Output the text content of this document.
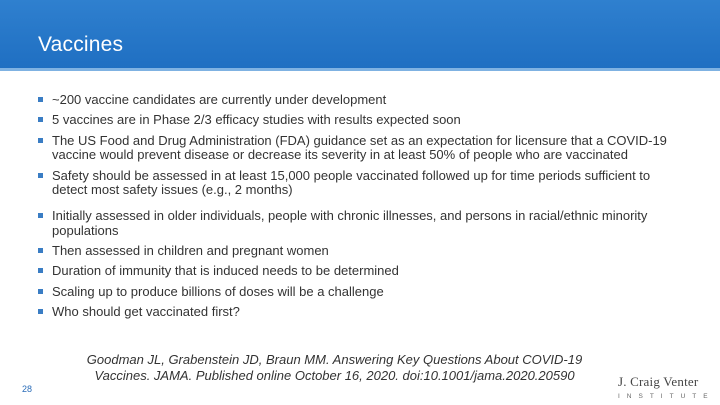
Vaccines
~200 vaccine candidates are currently under development
5 vaccines are in Phase 2/3 efficacy studies with results expected soon
The US Food and Drug Administration (FDA) guidance set as an expectation for licensure that a COVID-19 vaccine would prevent disease or decrease its severity in at least 50% of people who are vaccinated
Safety should be assessed in at least 15,000 people vaccinated followed up for time periods sufficient to detect most safety issues (e.g., 2 months)
Initially assessed in older individuals, people with chronic illnesses, and persons in racial/ethnic minority populations
Then assessed in children and pregnant women
Duration of immunity that is induced needs to be determined
Scaling up to produce billions of doses will be a challenge
Who should get vaccinated first?
Goodman JL, Grabenstein JD, Braun MM. Answering Key Questions About COVID-19 Vaccines. JAMA. Published online October 16, 2020. doi:10.1001/jama.2020.20590
28	J. Craig Venter
INSTITUTE
